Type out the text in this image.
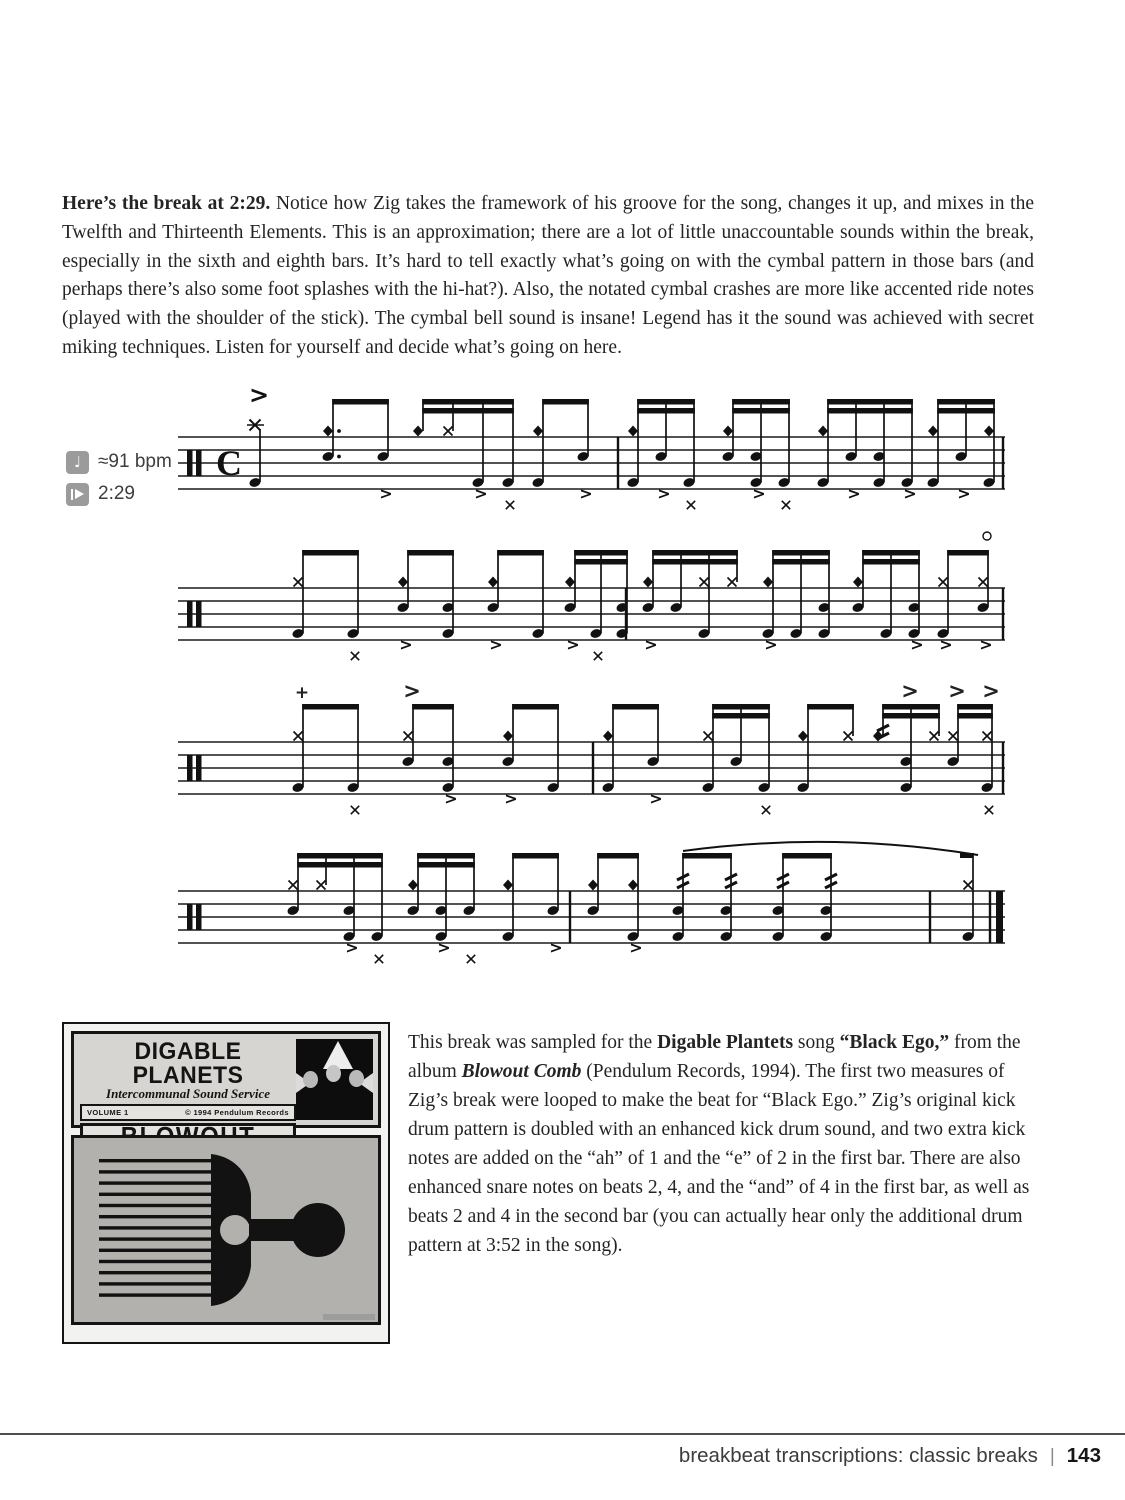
Here’s the break at 2:29. Notice how Zig takes the framework of his groove for the song, changes it up, and mixes in the Twelfth and Thirteenth Elements. This is an approximation; there are a lot of little unaccountable sounds within the break, especially in the sixth and eighth bars. It’s hard to tell exactly what’s going on with the cymbal pattern in those bars (and perhaps there’s also some foot splashes with the hi-hat?). Also, the notated cymbal crashes are more like accented ride notes (played with the shoulder of the stick). The cymbal bell sound is insane! Legend has it the sound was achieved with secret miking techniques. Listen for yourself and decide what’s going on here.

♩ ≈91 bpm
2:29
C
>
>	>	>	>	>	>	>	>
>	>	>	>	>	> > >
+	>
>	>	>
> > >
>	>	>	>
DIGABLE PLANETS
Intercommunal Sound Service
VOLUME 1	© 1994 Pendulum Records

This break was sampled for the Digable Plantets song “Black Ego,” from the album Blowout Comb (Pendulum Records, 1994). The first two measures of Zig’s break were looped to make the beat for “Black Ego.” Zig’s original kick drum pattern is doubled with an enhanced kick drum sound, and two extra kick notes are added on the “ah” of 1 and the “e” of 2 in the first bar. There are also enhanced snare notes on beats 2, 4, and the “and” of 4 in the first bar, as well as beats 2 and 4 in the second bar (you can actually hear only the additional drum pattern at 3:52 in the song).

breakbeat transcriptions: classic breaks | 143
